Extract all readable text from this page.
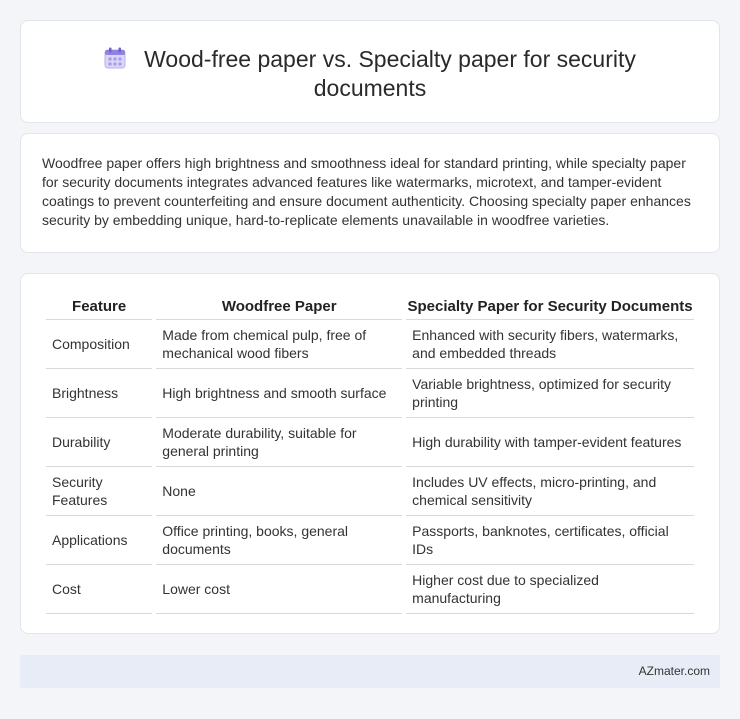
Wood-free paper vs. Specialty paper for security documents

Woodfree paper offers high brightness and smoothness ideal for standard printing, while specialty paper for security documents integrates advanced features like watermarks, microtext, and tamper-evident coatings to prevent counterfeiting and ensure document authenticity. Choosing specialty paper enhances security by embedding unique, hard-to-replicate elements unavailable in woodfree varieties.

Feature	Woodfree Paper	Specialty Paper for Security Documents
Composition	Made from chemical pulp, free of mechanical wood fibers	Enhanced with security fibers, watermarks, and embedded threads
Brightness	High brightness and smooth surface	Variable brightness, optimized for security printing
Durability	Moderate durability, suitable for general printing	High durability with tamper-evident features
Security Features	None	Includes UV effects, micro-printing, and chemical sensitivity
Applications	Office printing, books, general documents	Passports, banknotes, certificates, official IDs
Cost	Lower cost	Higher cost due to specialized manufacturing
AZmater.com
